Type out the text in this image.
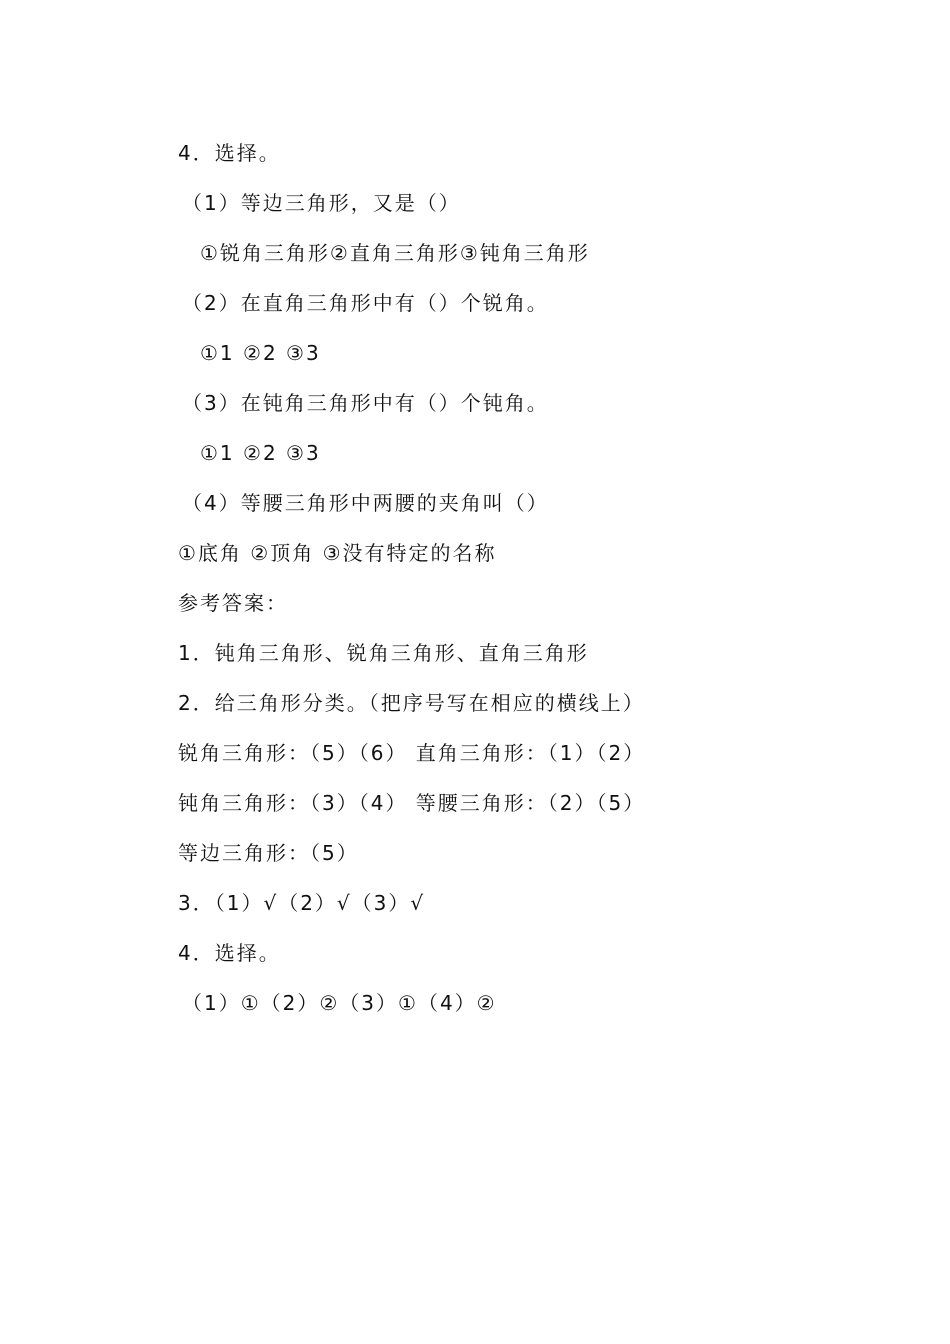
4．选择。
（1）等边三角形，又是（）
①锐角三角形②直角三角形③钝角三角形
（2）在直角三角形中有（）个锐角。
①1 ②2 ③3
（3）在钝角三角形中有（）个钝角。
①1 ②2 ③3
（4）等腰三角形中两腰的夹角叫（）
①底角 ②顶角 ③没有特定的名称
参考答案：
1．钝角三角形、锐角三角形、直角三角形
2．给三角形分类。（把序号写在相应的横线上）
锐角三角形：（5）（6） 直角三角形：（1）（2）
钝角三角形：（3）（4） 等腰三角形：（2）（5）
等边三角形：（5）
3．（1）√（2）√（3）√
4．选择。
（1）①（2）②（3）①（4）②
